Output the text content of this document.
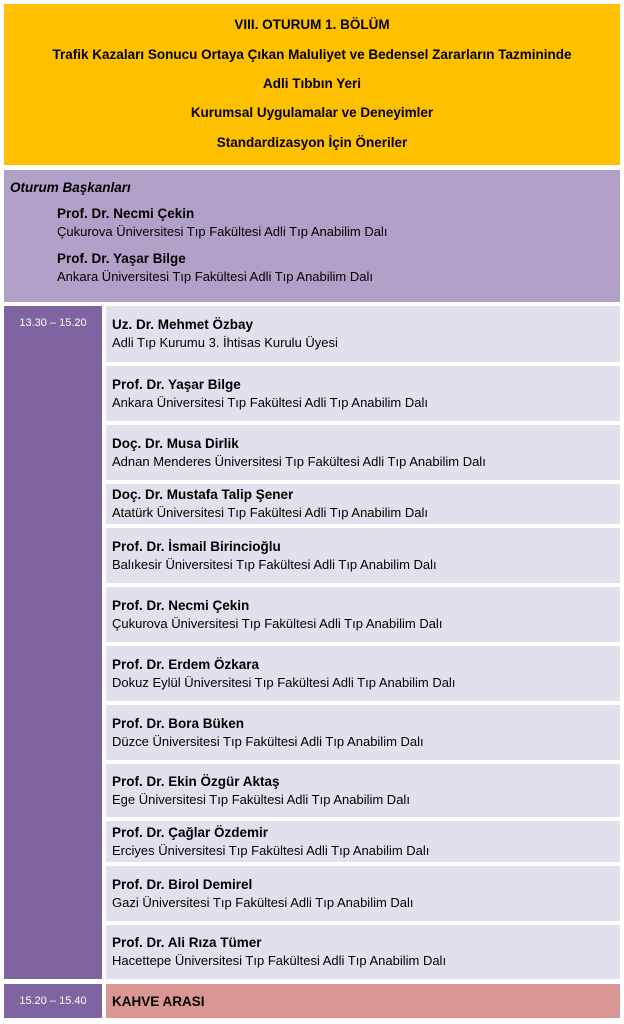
VIII. OTURUM 1. BÖLÜM
Trafik Kazaları Sonucu Ortaya Çıkan Maluliyet ve Bedensel Zararların Tazmininde
Adli Tıbbın Yeri
Kurumsal Uygulamalar ve Deneyimler
Standardizasyon İçin Öneriler
Oturum Başkanları
Prof. Dr. Necmi Çekin
Çukurova Üniversitesi Tıp Fakültesi Adli Tıp Anabilim Dalı
Prof. Dr. Yaşar Bilge
Ankara Üniversitesi Tıp Fakültesi Adli Tıp Anabilim Dalı
13.30 – 15.20	Uz. Dr. Mehmet Özbay
Adli Tıp Kurumu 3. İhtisas Kurulu Üyesi
Prof. Dr. Yaşar Bilge
Ankara Üniversitesi Tıp Fakültesi Adli Tıp Anabilim Dalı
Doç. Dr. Musa Dirlik
Adnan Menderes Üniversitesi Tıp Fakültesi Adli Tıp Anabilim Dalı
Doç. Dr. Mustafa Talip Şener
Atatürk Üniversitesi Tıp Fakültesi Adli Tıp Anabilim Dalı
Prof. Dr. İsmail Birincioğlu
Balıkesir Üniversitesi Tıp Fakültesi Adli Tıp Anabilim Dalı
Prof. Dr. Necmi Çekin
Çukurova Üniversitesi Tıp Fakültesi Adli Tıp Anabilim Dalı
Prof. Dr. Erdem Özkara
Dokuz Eylül Üniversitesi Tıp Fakültesi Adli Tıp Anabilim Dalı
Prof. Dr. Bora Büken
Düzce Üniversitesi Tıp Fakültesi Adli Tıp Anabilim Dalı
Prof. Dr. Ekin Özgür Aktaş
Ege Üniversitesi Tıp Fakültesi Adli Tıp Anabilim Dalı
Prof. Dr. Çağlar Özdemir
Erciyes Üniversitesi Tıp Fakültesi Adli Tıp Anabilim Dalı
Prof. Dr. Birol Demirel
Gazi Üniversitesi Tıp Fakültesi Adli Tıp Anabilim Dalı
Prof. Dr. Ali Rıza Tümer
Hacettepe Üniversitesi Tıp Fakültesi Adli Tıp Anabilim Dalı
15.20 – 15.40	KAHVE ARASI
